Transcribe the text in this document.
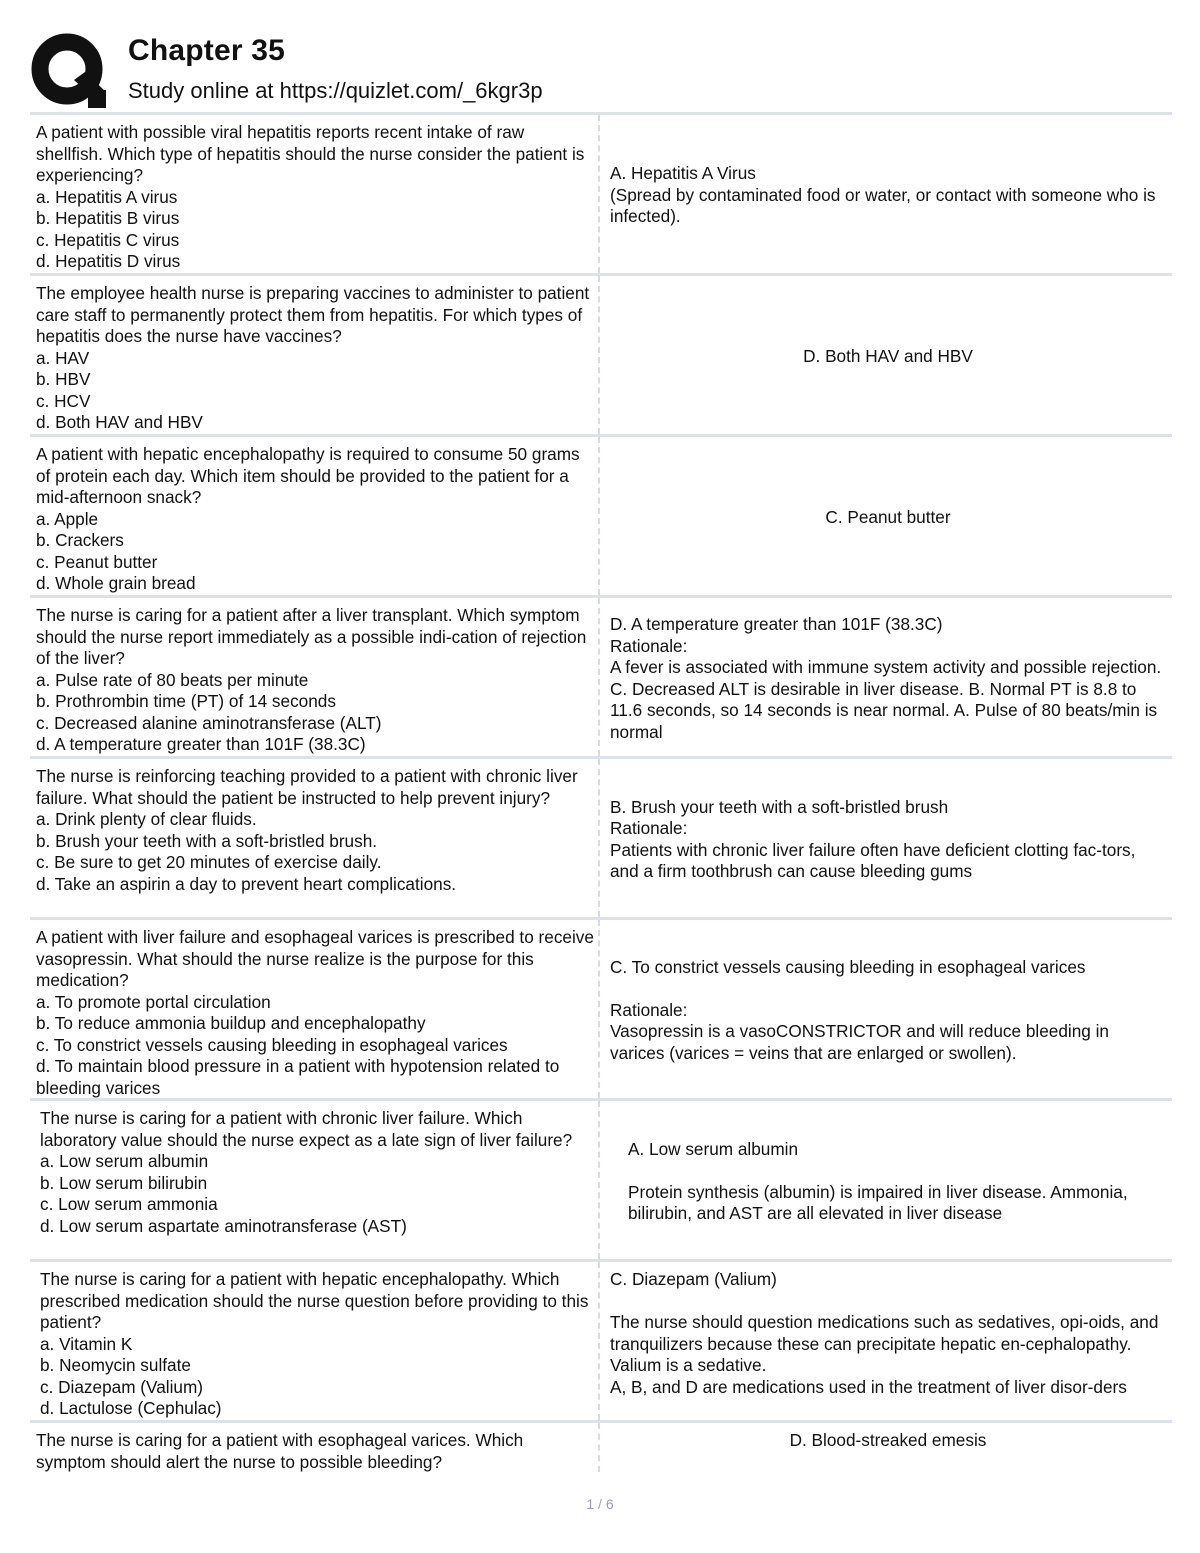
Chapter 35
Study online at https://quizlet.com/_6kgr3p
A patient with possible viral hepatitis reports recent intake of raw shellfish. Which type of hepatitis should the nurse consider the patient is experiencing?
a. Hepatitis A virus
b. Hepatitis B virus
c. Hepatitis C virus
d. Hepatitis D virus
A. Hepatitis A Virus
(Spread by contaminated food or water, or contact with someone who is infected).
The employee health nurse is preparing vaccines to administer to patient care staff to permanently protect them from hepatitis. For which types of hepatitis does the nurse have vaccines?
a. HAV
b. HBV
c. HCV
d. Both HAV and HBV
D. Both HAV and HBV
A patient with hepatic encephalopathy is required to consume 50 grams of protein each day. Which item should be provided to the patient for a mid-afternoon snack?
a. Apple
b. Crackers
c. Peanut butter
d. Whole grain bread
C. Peanut butter
The nurse is caring for a patient after a liver transplant. Which symptom should the nurse report immediately as a possible indi-cation of rejection of the liver?
a. Pulse rate of 80 beats per minute
b. Prothrombin time (PT) of 14 seconds
c. Decreased alanine aminotransferase (ALT)
d. A temperature greater than 101F (38.3C)
D. A temperature greater than 101F (38.3C)
Rationale:
A fever is associated with immune system activity and possible rejection. C. Decreased ALT is desirable in liver disease. B. Normal PT is 8.8 to 11.6 seconds, so 14 seconds is near normal. A. Pulse of 80 beats/min is normal
The nurse is reinforcing teaching provided to a patient with chronic liver failure. What should the patient be instructed to help prevent injury?
a. Drink plenty of clear fluids.
b. Brush your teeth with a soft-bristled brush.
c. Be sure to get 20 minutes of exercise daily.
d. Take an aspirin a day to prevent heart complications.
B. Brush your teeth with a soft-bristled brush
Rationale:
Patients with chronic liver failure often have deficient clotting fac-tors, and a firm toothbrush can cause bleeding gums
A patient with liver failure and esophageal varices is prescribed to receive vasopressin. What should the nurse realize is the purpose for this medication?
a. To promote portal circulation
b. To reduce ammonia buildup and encephalopathy
c. To constrict vessels causing bleeding in esophageal varices
d. To maintain blood pressure in a patient with hypotension related to bleeding varices
C. To constrict vessels causing bleeding in esophageal varices

Rationale:
Vasopressin is a vasoCONSTRICTOR and will reduce bleeding in varices (varices = veins that are enlarged or swollen).
The nurse is caring for a patient with chronic liver failure. Which laboratory value should the nurse expect as a late sign of liver failure?
a. Low serum albumin
b. Low serum bilirubin
c. Low serum ammonia
d. Low serum aspartate aminotransferase (AST)
A. Low serum albumin

Protein synthesis (albumin) is impaired in liver disease. Ammonia, bilirubin, and AST are all elevated in liver disease
The nurse is caring for a patient with hepatic encephalopathy. Which prescribed medication should the nurse question before providing to this patient?
a. Vitamin K
b. Neomycin sulfate
c. Diazepam (Valium)
d. Lactulose (Cephulac)
C. Diazepam (Valium)

The nurse should question medications such as sedatives, opi-oids, and tranquilizers because these can precipitate hepatic en-cephalopathy. Valium is a sedative.
A, B, and D are medications used in the treatment of liver disor-ders
The nurse is caring for a patient with esophageal varices. Which symptom should alert the nurse to possible bleeding?
D. Blood-streaked emesis
1 / 6
